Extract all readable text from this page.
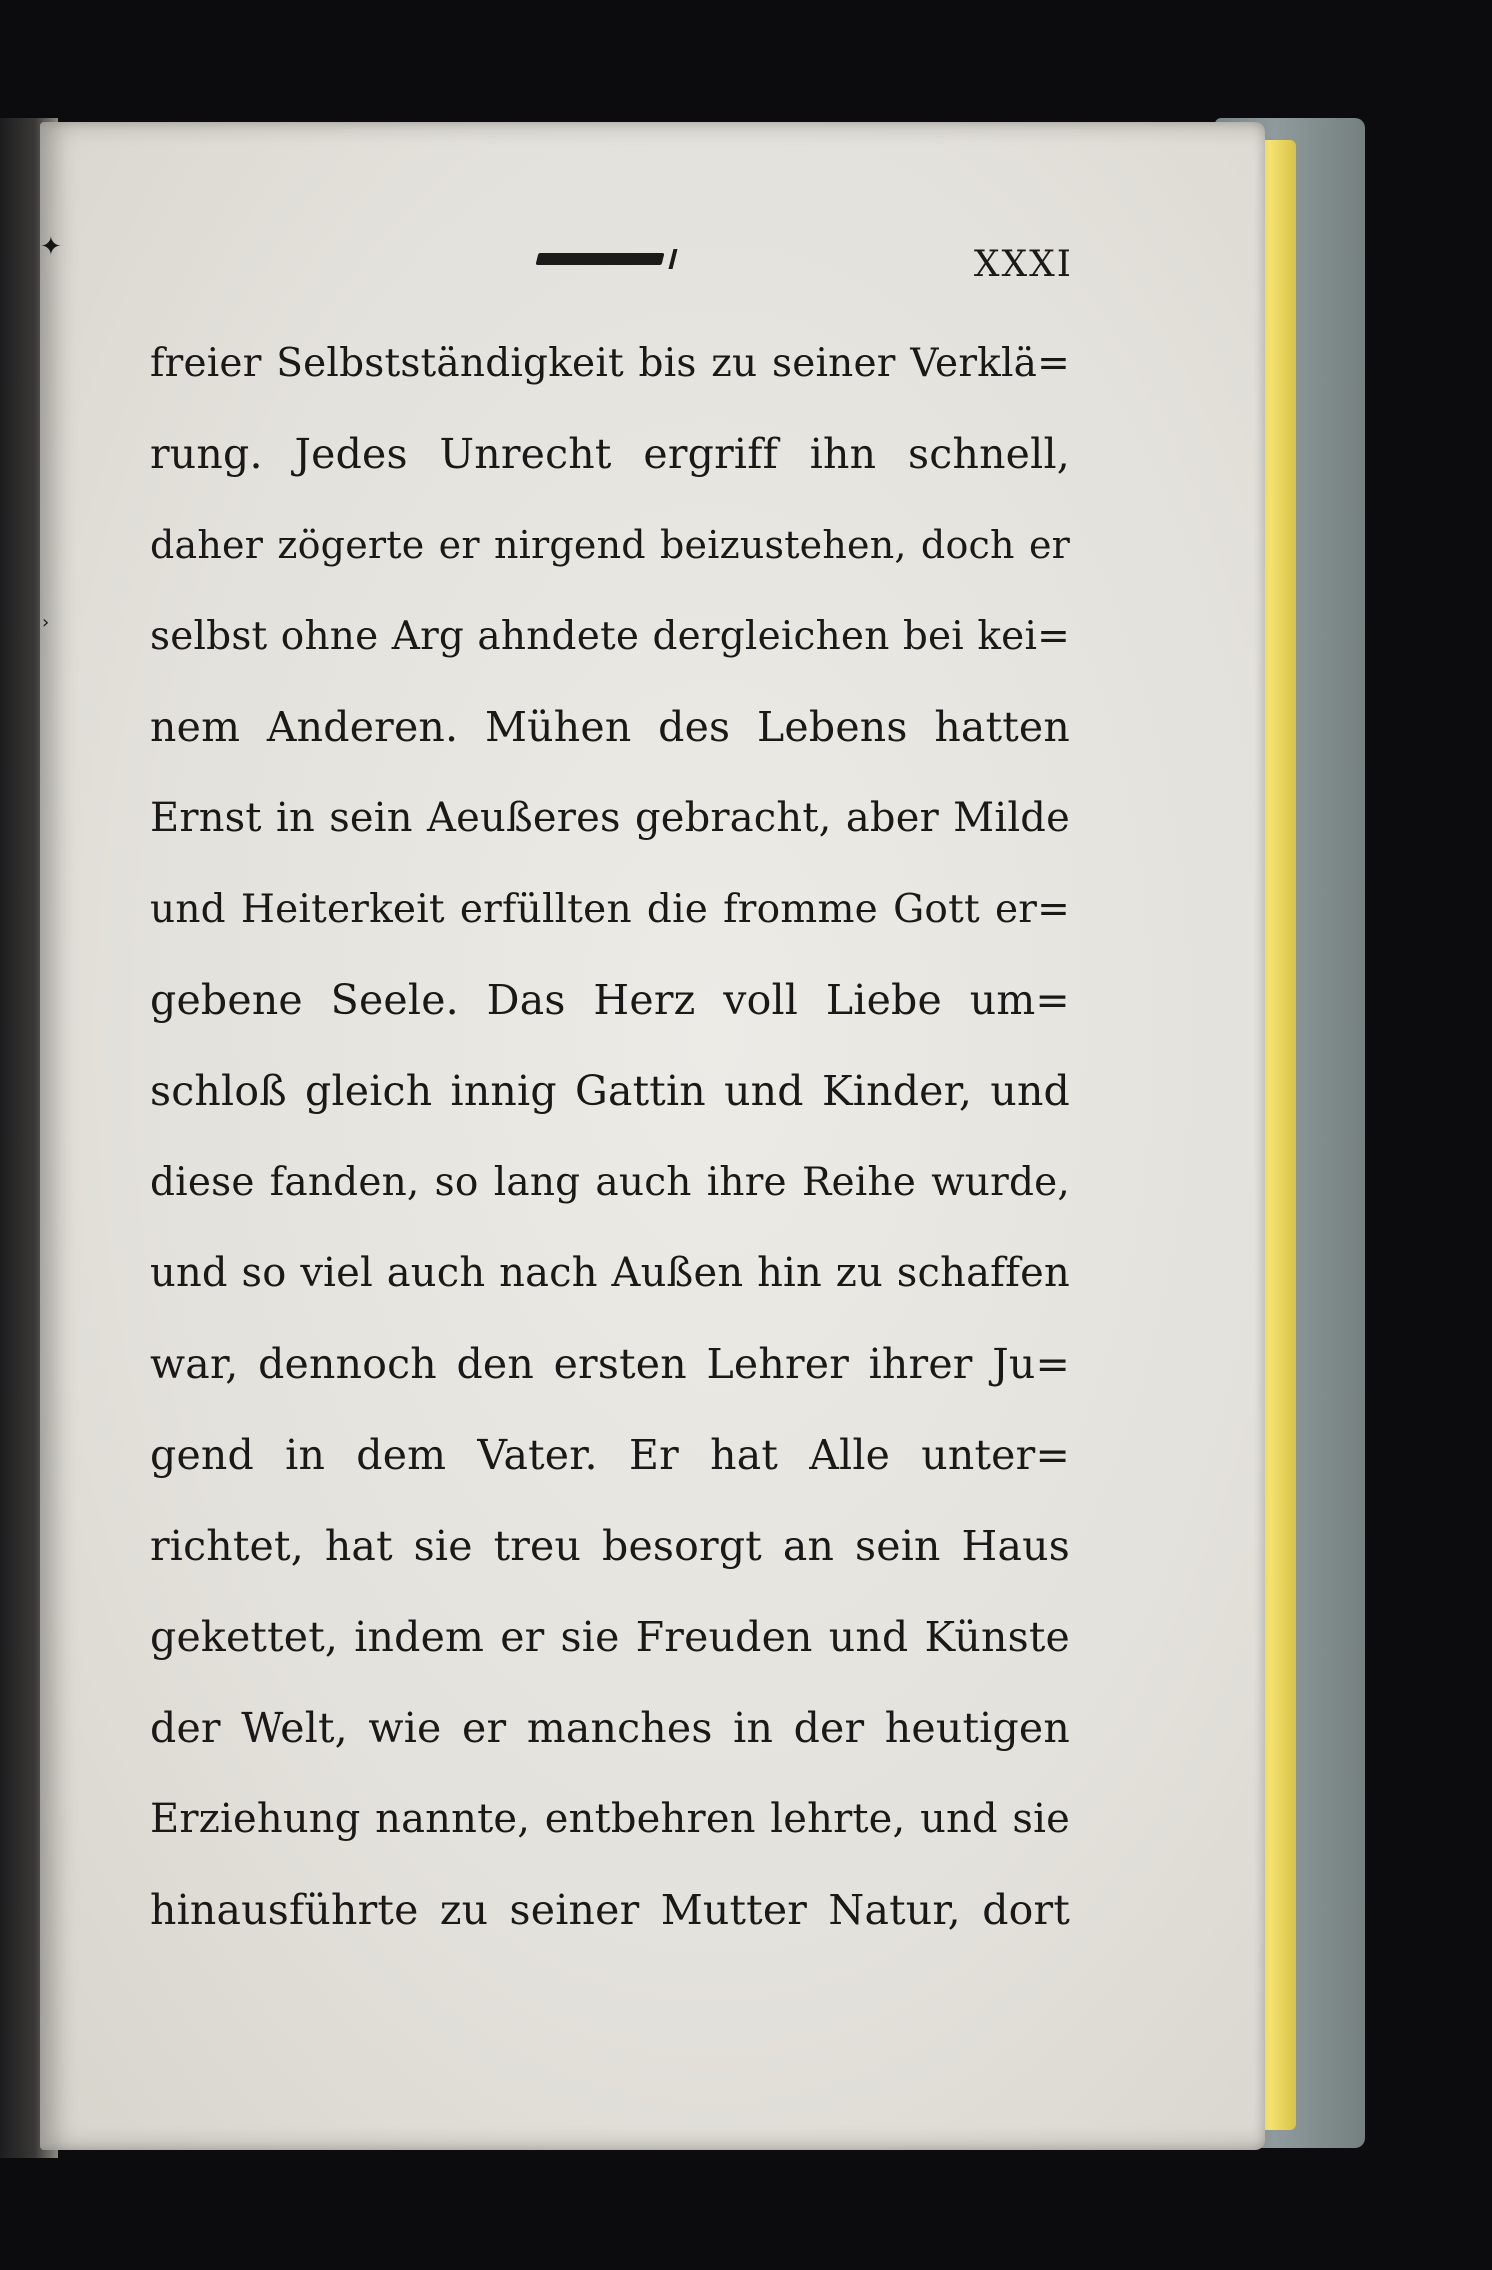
✦
›
XXXI
freier Selbstständigkeit bis zu seiner Verklä=
rung. Jedes Unrecht ergriff ihn schnell,
daher zögerte er nirgend beizustehen, doch er
selbst ohne Arg ahndete dergleichen bei kei=
nem Anderen. Mühen des Lebens hatten
Ernst in sein Aeußeres gebracht, aber Milde
und Heiterkeit erfüllten die fromme Gott er=
gebene Seele. Das Herz voll Liebe um=
schloß gleich innig Gattin und Kinder, und
diese fanden, so lang auch ihre Reihe wurde,
und so viel auch nach Außen hin zu schaffen
war, dennoch den ersten Lehrer ihrer Ju=
gend in dem Vater. Er hat Alle unter=
richtet, hat sie treu besorgt an sein Haus
gekettet, indem er sie Freuden und Künste
der Welt, wie er manches in der heutigen
Erziehung nannte, entbehren lehrte, und sie
hinausführte zu seiner Mutter Natur, dort
